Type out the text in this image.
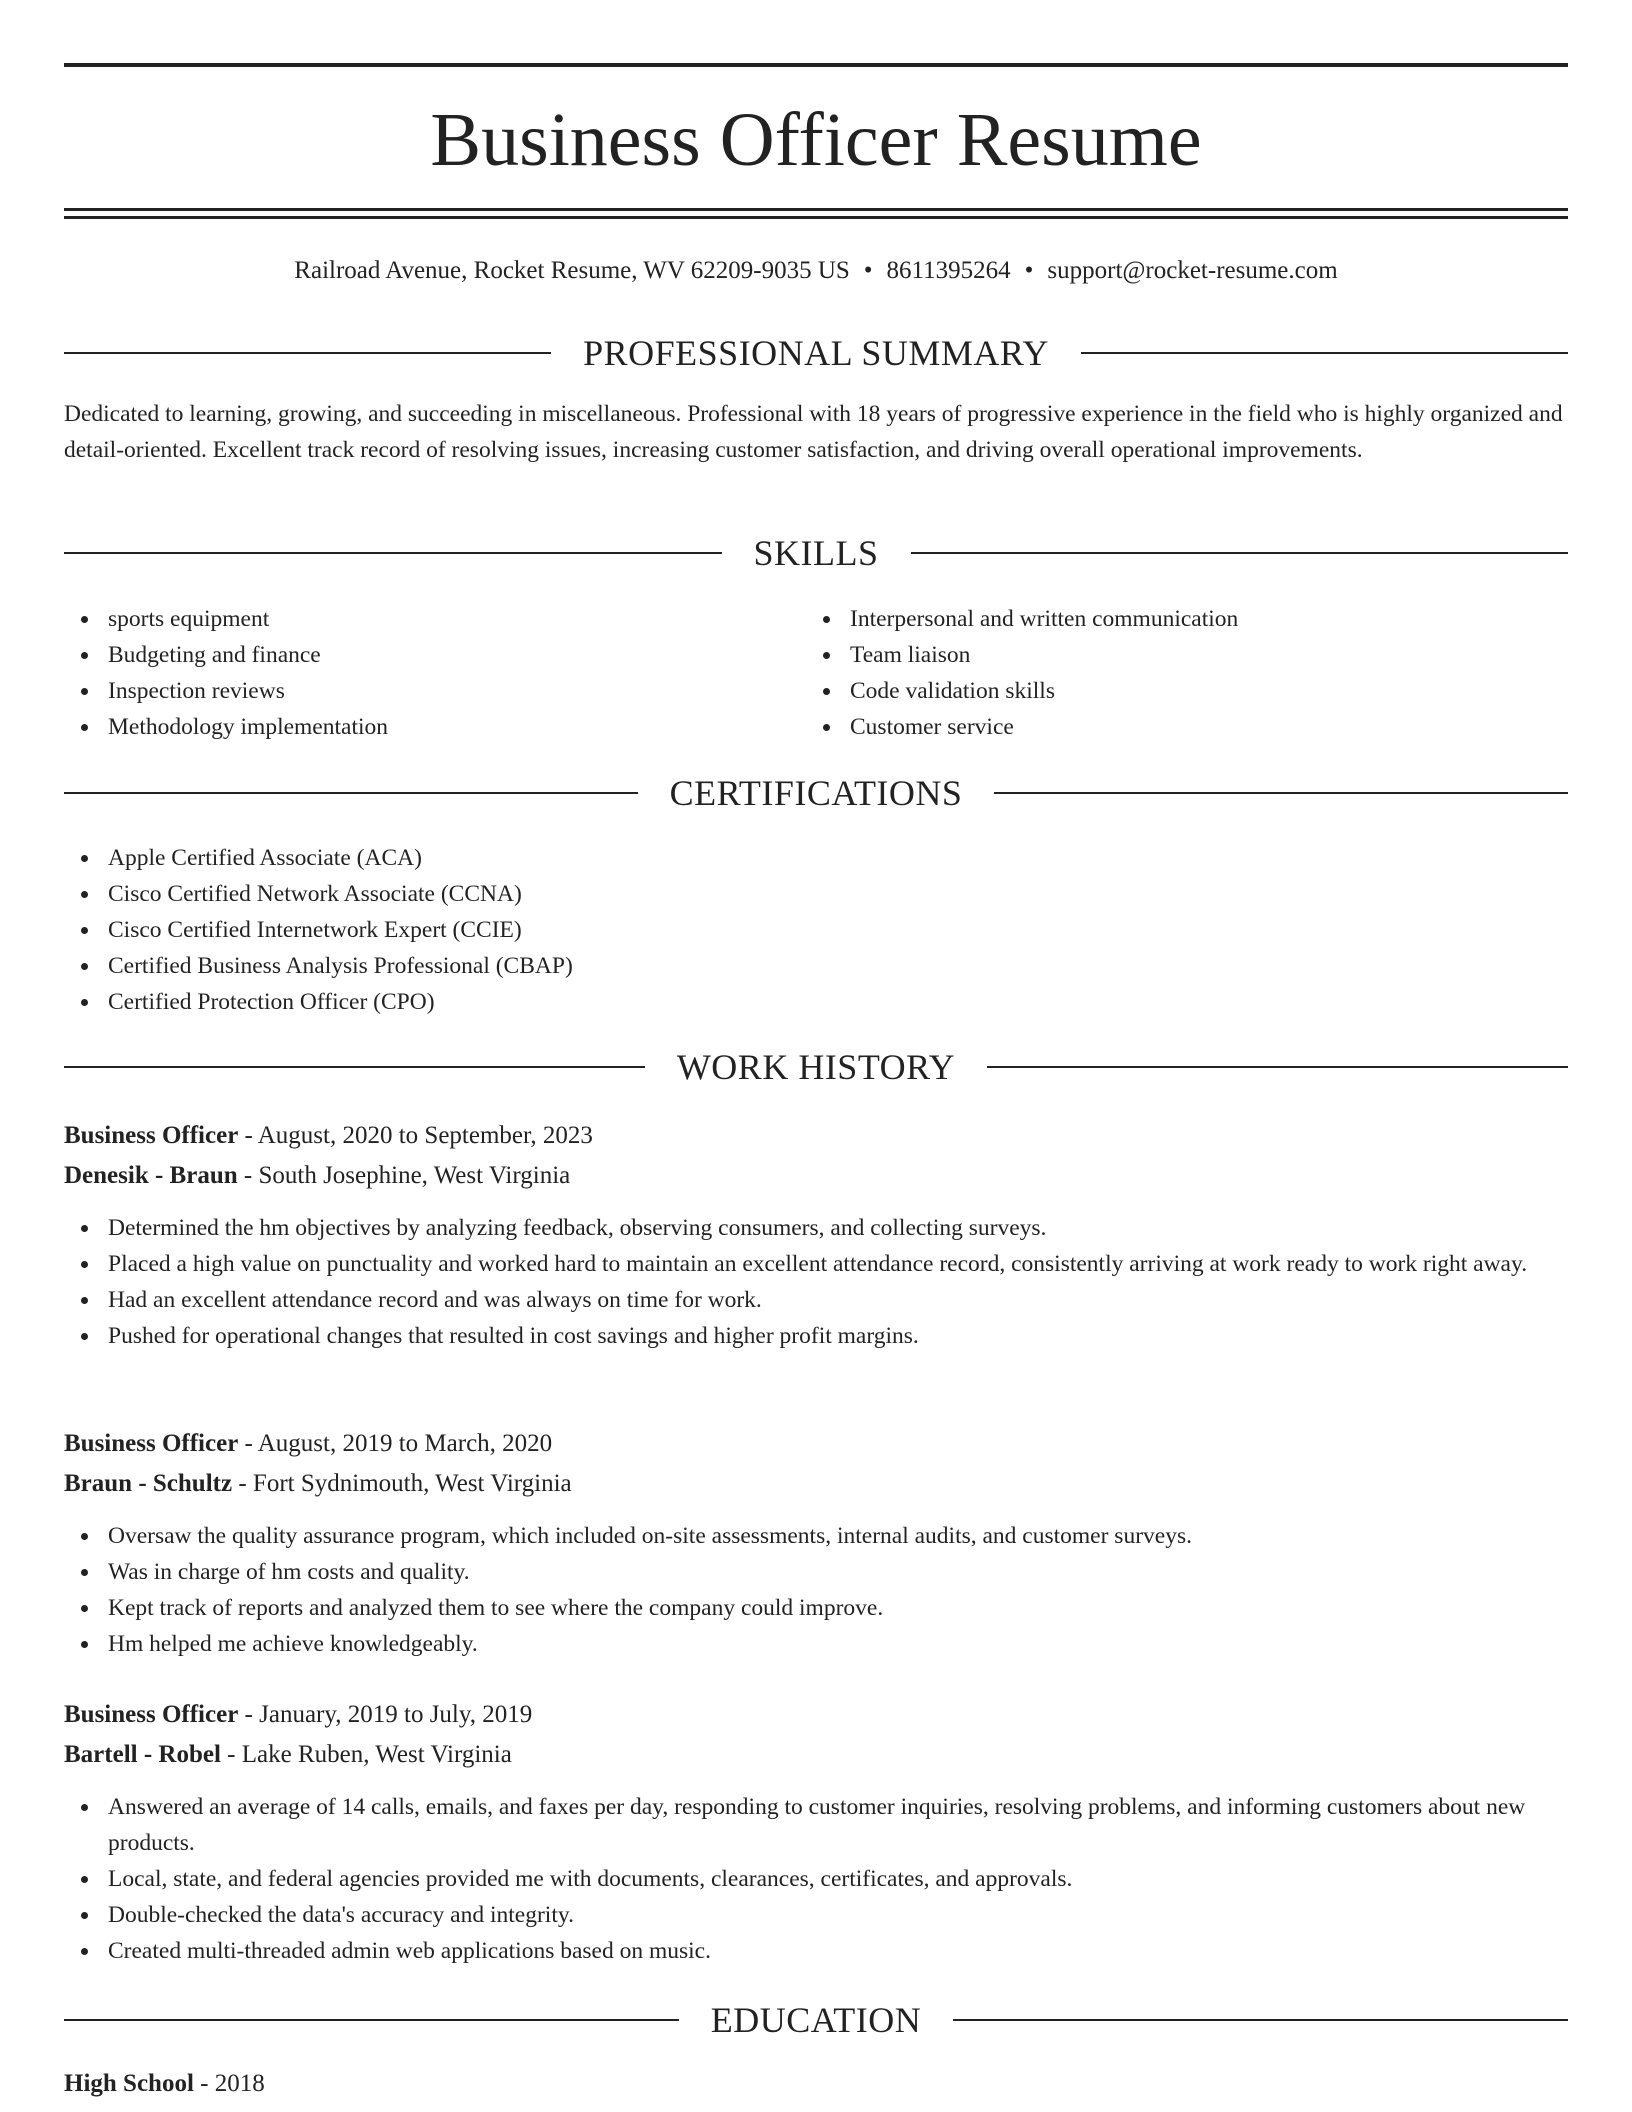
Business Officer Resume
Railroad Avenue, Rocket Resume, WV 62209-9035 US • 8611395264 • support@rocket-resume.com
PROFESSIONAL SUMMARY

Dedicated to learning, growing, and succeeding in miscellaneous. Professional with 18 years of progressive experience in the field who is highly organized and detail-oriented. Excellent track record of resolving issues, increasing customer satisfaction, and driving overall operational improvements.

SKILLS
sports equipment
Budgeting and finance
Inspection reviews
Methodology implementation
Interpersonal and written communication
Team liaison
Code validation skills
Customer service
CERTIFICATIONS
Apple Certified Associate (ACA)
Cisco Certified Network Associate (CCNA)
Cisco Certified Internetwork Expert (CCIE)
Certified Business Analysis Professional (CBAP)
Certified Protection Officer (CPO)
WORK HISTORY
Business Officer - August, 2020 to September, 2023
Denesik - Braun - South Josephine, West Virginia
Determined the hm objectives by analyzing feedback, observing consumers, and collecting surveys.
Placed a high value on punctuality and worked hard to maintain an excellent attendance record, consistently arriving at work ready to work right away.
Had an excellent attendance record and was always on time for work.
Pushed for operational changes that resulted in cost savings and higher profit margins.
Business Officer - August, 2019 to March, 2020
Braun - Schultz - Fort Sydnimouth, West Virginia
Oversaw the quality assurance program, which included on-site assessments, internal audits, and customer surveys.
Was in charge of hm costs and quality.
Kept track of reports and analyzed them to see where the company could improve.
Hm helped me achieve knowledgeably.
Business Officer - January, 2019 to July, 2019
Bartell - Robel - Lake Ruben, West Virginia
Answered an average of 14 calls, emails, and faxes per day, responding to customer inquiries, resolving problems, and informing customers about new products.
Local, state, and federal agencies provided me with documents, clearances, certificates, and approvals.
Double-checked the data's accuracy and integrity.
Created multi-threaded admin web applications based on music.
EDUCATION
High School - 2018
